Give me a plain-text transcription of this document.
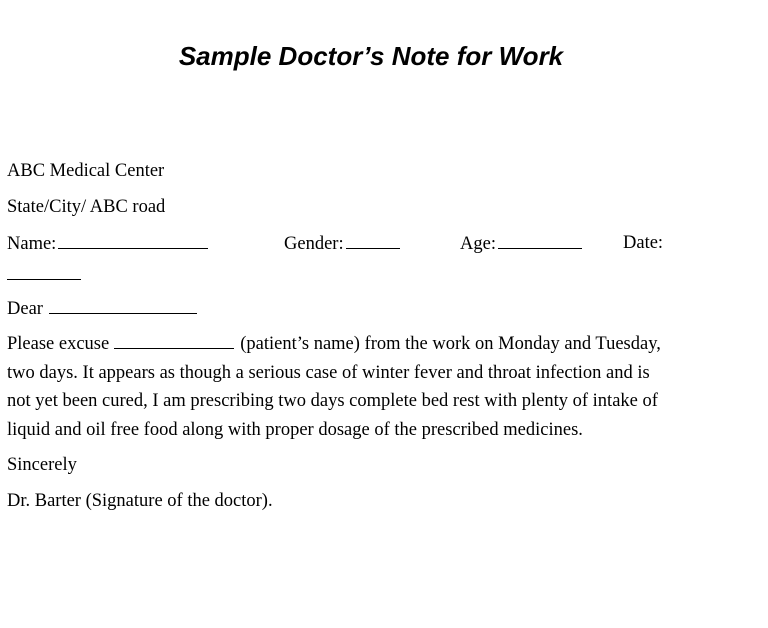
Sample Doctor’s Note for Work
ABC Medical Center
State/City/ ABC road
Name:	Gender:	Age:	Date:
Dear
Please excuse	(patient’s name) from the work on Monday and Tuesday,
two days. It appears as though a serious case of winter fever and throat infection and is
not yet been cured, I am prescribing two days complete bed rest with plenty of intake of
liquid and oil free food along with proper dosage of the prescribed medicines.
Sincerely
Dr. Barter (Signature of the doctor).
